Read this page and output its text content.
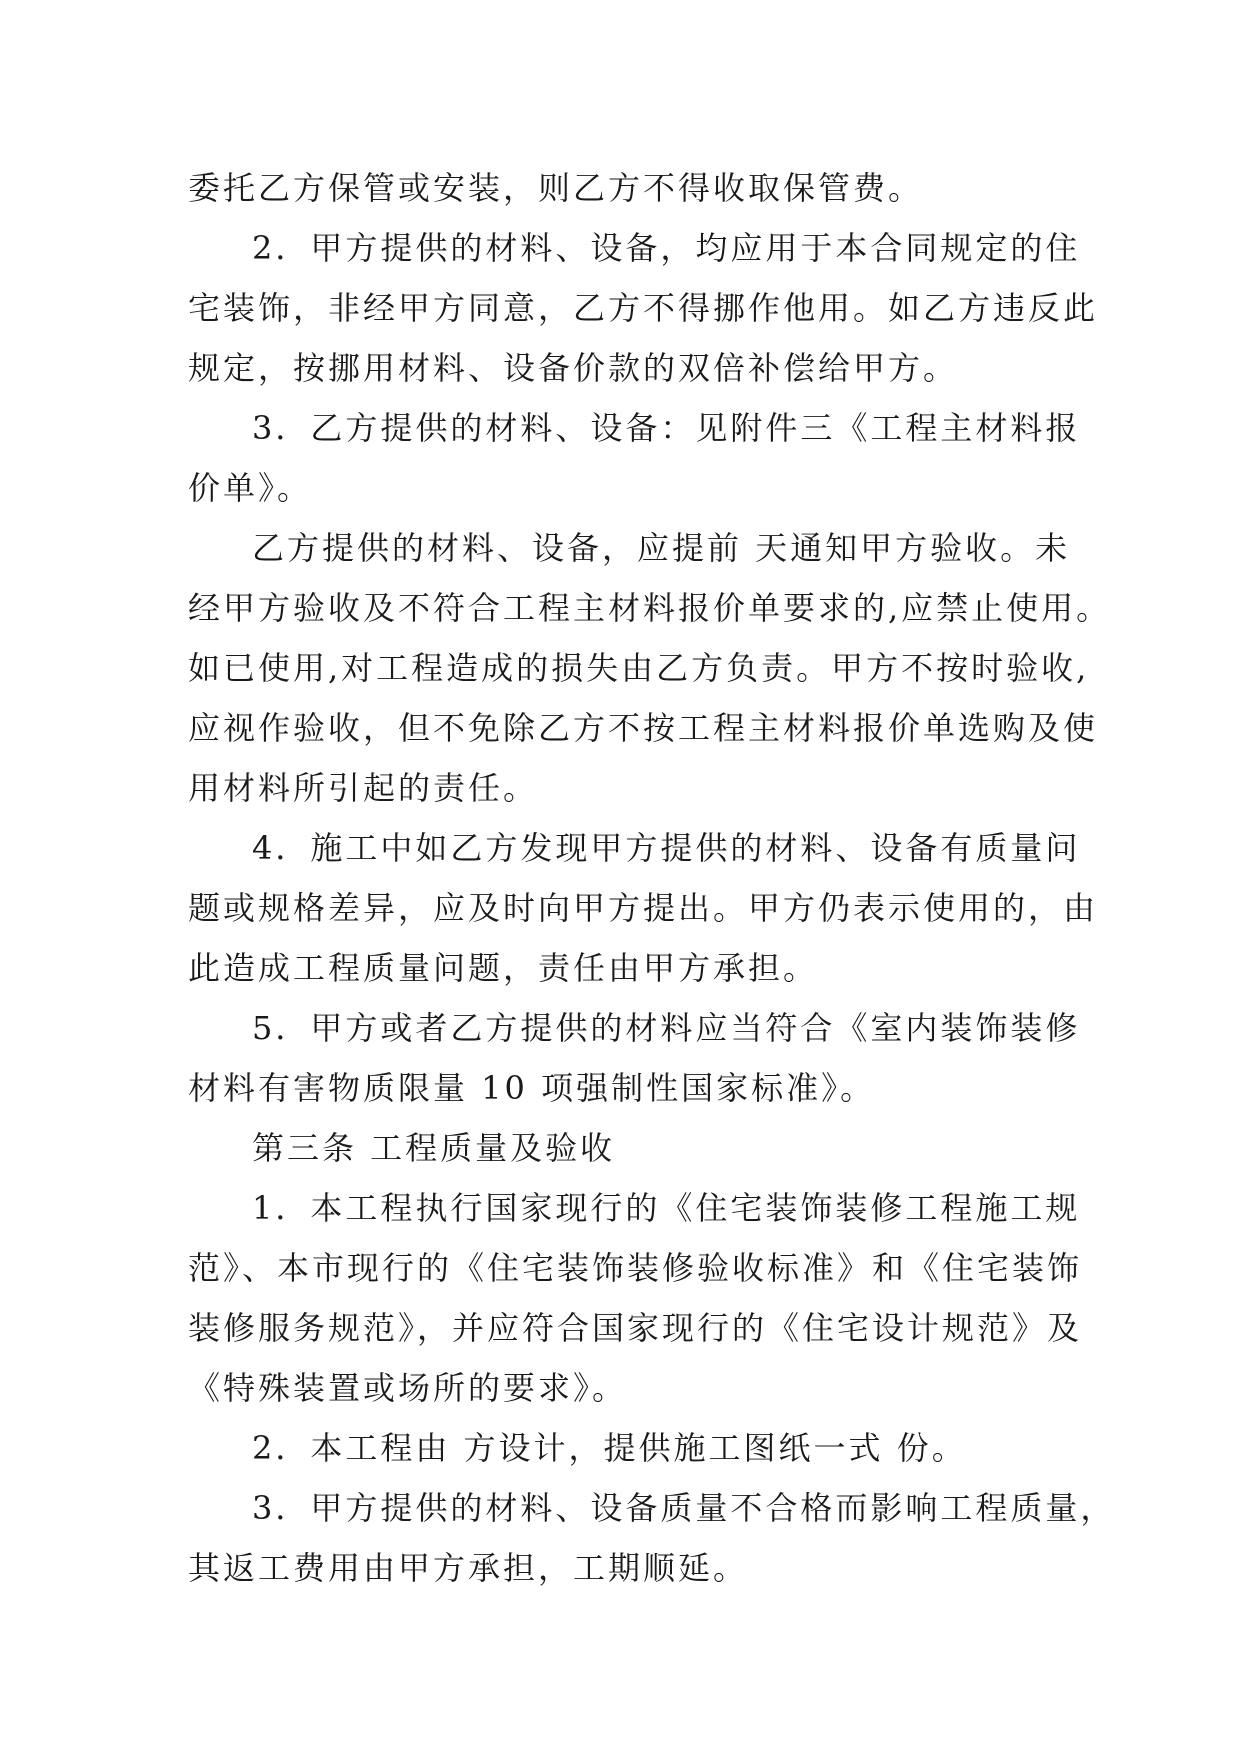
委托乙方保管或安装，则乙方不得收取保管费。
2．甲方提供的材料、设备，均应用于本合同规定的住
宅装饰，非经甲方同意，乙方不得挪作他用。如乙方违反此
规定，按挪用材料、设备价款的双倍补偿给甲方。
3．乙方提供的材料、设备：见附件三《工程主材料报
价单》。
乙方提供的材料、设备，应提前 天通知甲方验收。未
经甲方验收及不符合工程主材料报价单要求的,应禁止使用。
如已使用,对工程造成的损失由乙方负责。甲方不按时验收,
应视作验收，但不免除乙方不按工程主材料报价单选购及使
用材料所引起的责任。
4．施工中如乙方发现甲方提供的材料、设备有质量问
题或规格差异，应及时向甲方提出。甲方仍表示使用的，由
此造成工程质量问题，责任由甲方承担。
5．甲方或者乙方提供的材料应当符合《室内装饰装修
材料有害物质限量 10 项强制性国家标准》。
第三条 工程质量及验收
1．本工程执行国家现行的《住宅装饰装修工程施工规
范》、本市现行的《住宅装饰装修验收标准》和《住宅装饰
装修服务规范》，并应符合国家现行的《住宅设计规范》及
《特殊装置或场所的要求》。
2．本工程由 方设计，提供施工图纸一式 份。
3．甲方提供的材料、设备质量不合格而影响工程质量，
其返工费用由甲方承担，工期顺延。
